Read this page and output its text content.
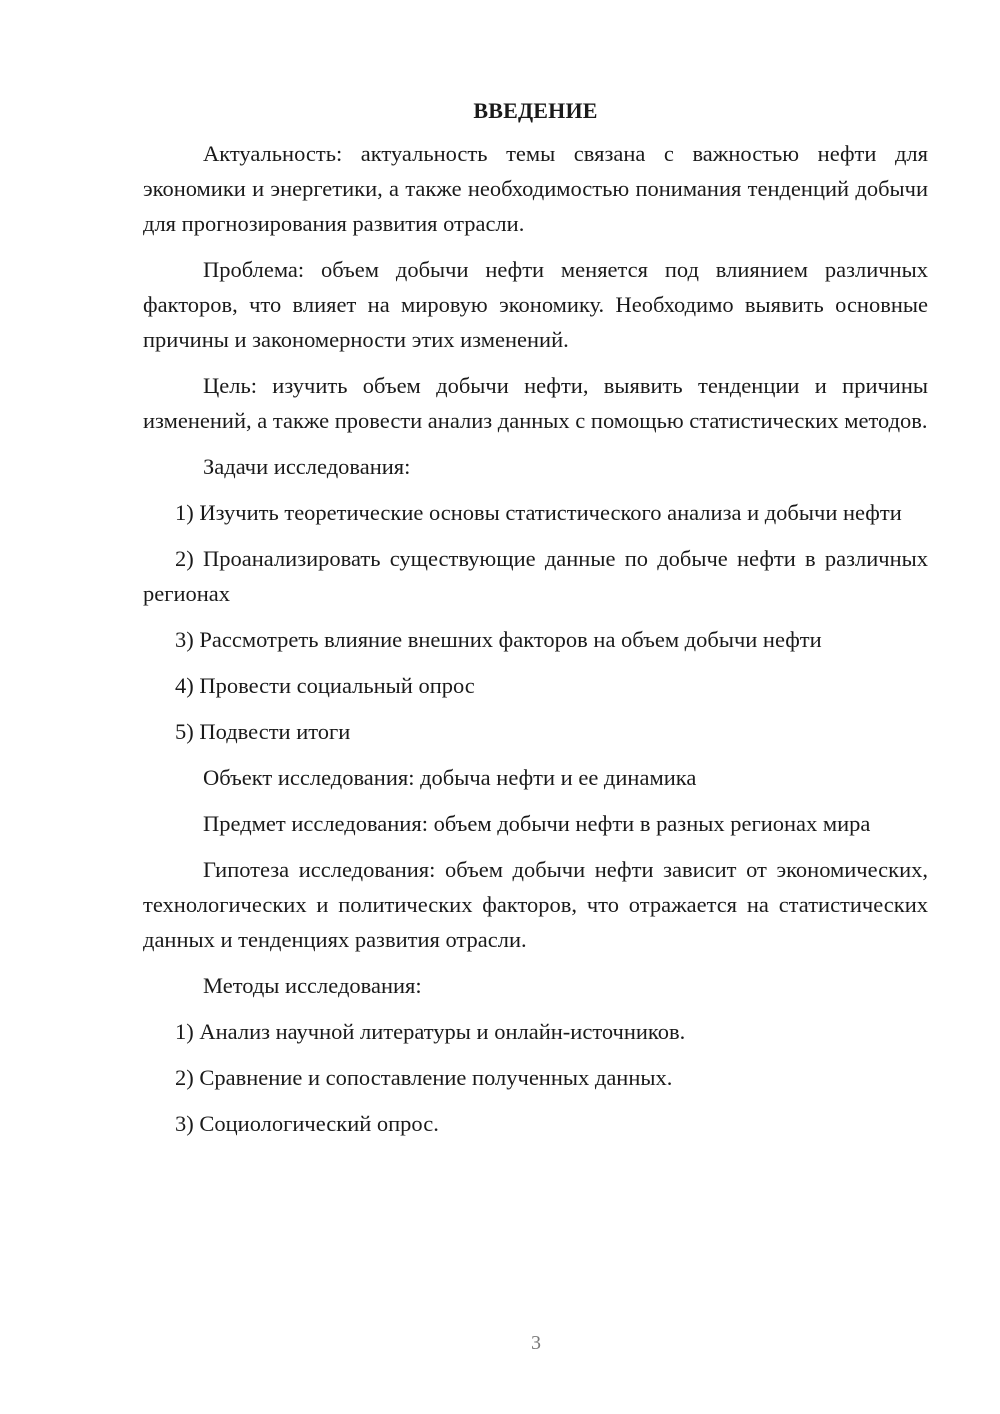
ВВЕДЕНИЕ

Актуальность: актуальность темы связана с важностью нефти для экономики и энергетики, а также необходимостью понимания тенденций добычи для прогнозирования развития отрасли.

Проблема: объем добычи нефти меняется под влиянием различных факторов, что влияет на мировую экономику. Необходимо выявить основные причины и закономерности этих изменений.

Цель: изучить объем добычи нефти, выявить тенденции и причины изменений, а также провести анализ данных с помощью статистических методов.

Задачи исследования:

1) Изучить теоретические основы статистического анализа и добычи нефти

2) Проанализировать существующие данные по добыче нефти в различных регионах

3) Рассмотреть влияние внешних факторов на объем добычи нефти

4) Провести социальный опрос

5) Подвести итоги

Объект исследования: добыча нефти и ее динамика

Предмет исследования: объем добычи нефти в разных регионах мира

Гипотеза исследования: объем добычи нефти зависит от экономических, технологических и политических факторов, что отражается на статистических данных и тенденциях развития отрасли.

Методы исследования:

1) Анализ научной литературы и онлайн-источников.

2) Сравнение и сопоставление полученных данных.

3) Социологический опрос.

3
